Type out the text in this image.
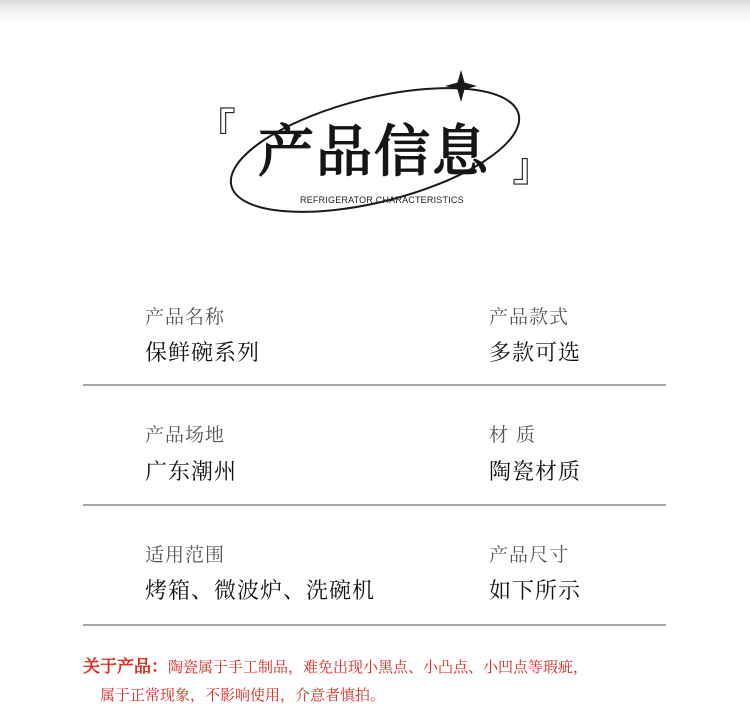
『
』
产品信息
REFRIGERATOR CHARACTERISTICS
产品名称
保鲜碗系列
产品款式
多款可选
产品场地
广东潮州
材 质
陶瓷材质
适用范围
烤箱、微波炉、洗碗机
产品尺寸
如下所示
关于产品：陶瓷属于手工制品，难免出现小黑点、小凸点、小凹点等瑕疵，
属于正常现象，不影响使用，介意者慎拍。
